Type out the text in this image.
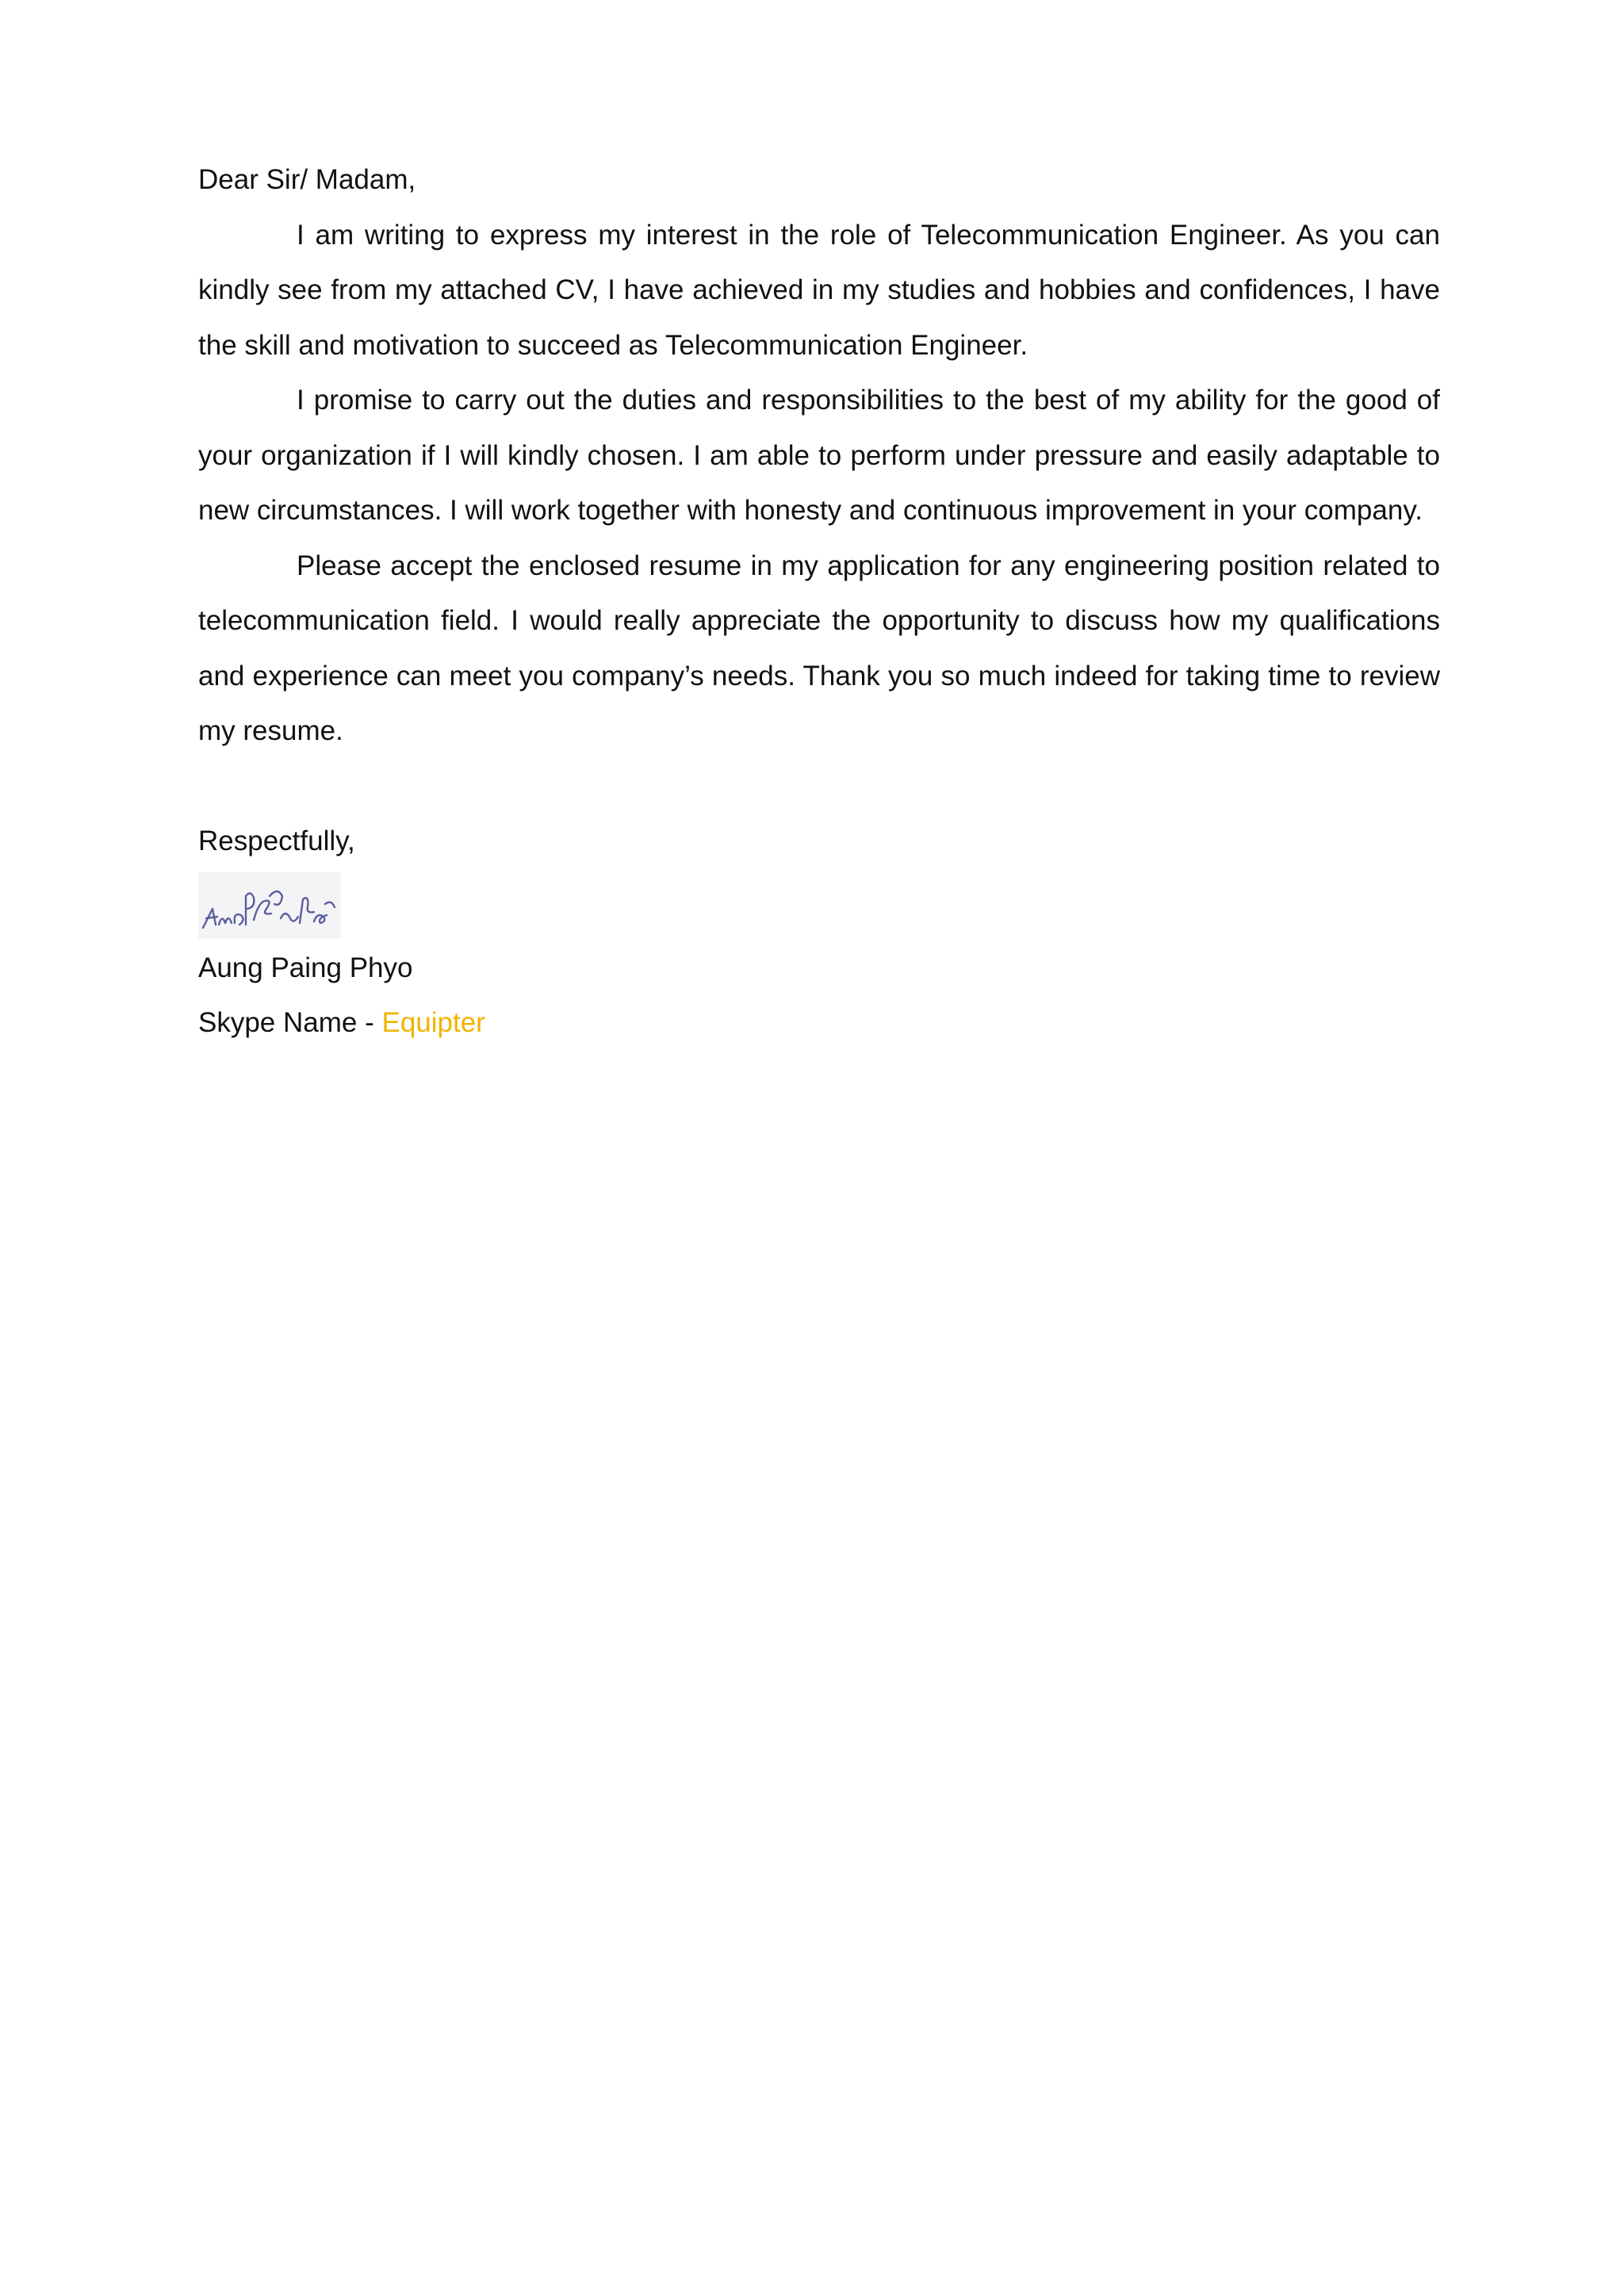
Dear Sir/ Madam,

I am writing to express my interest in the role of Telecommunication Engineer. As you can kindly see from my attached CV, I have achieved in my studies and hobbies and confidences, I have the skill and motivation to succeed as Telecommunication Engineer.

I promise to carry out the duties and responsibilities to the best of my ability for the good of your organization if I will kindly chosen. I am able to perform under pressure and easily adaptable to new circumstances. I will work together with honesty and continuous improvement in your company.

Please accept the enclosed resume in my application for any engineering position related to telecommunication field. I would really appreciate the opportunity to discuss how my qualifications and experience can meet you company’s needs. Thank you so much indeed for taking time to review my resume.

Respectfully,

Aung Paing Phyo

Skype Name - Equipter
